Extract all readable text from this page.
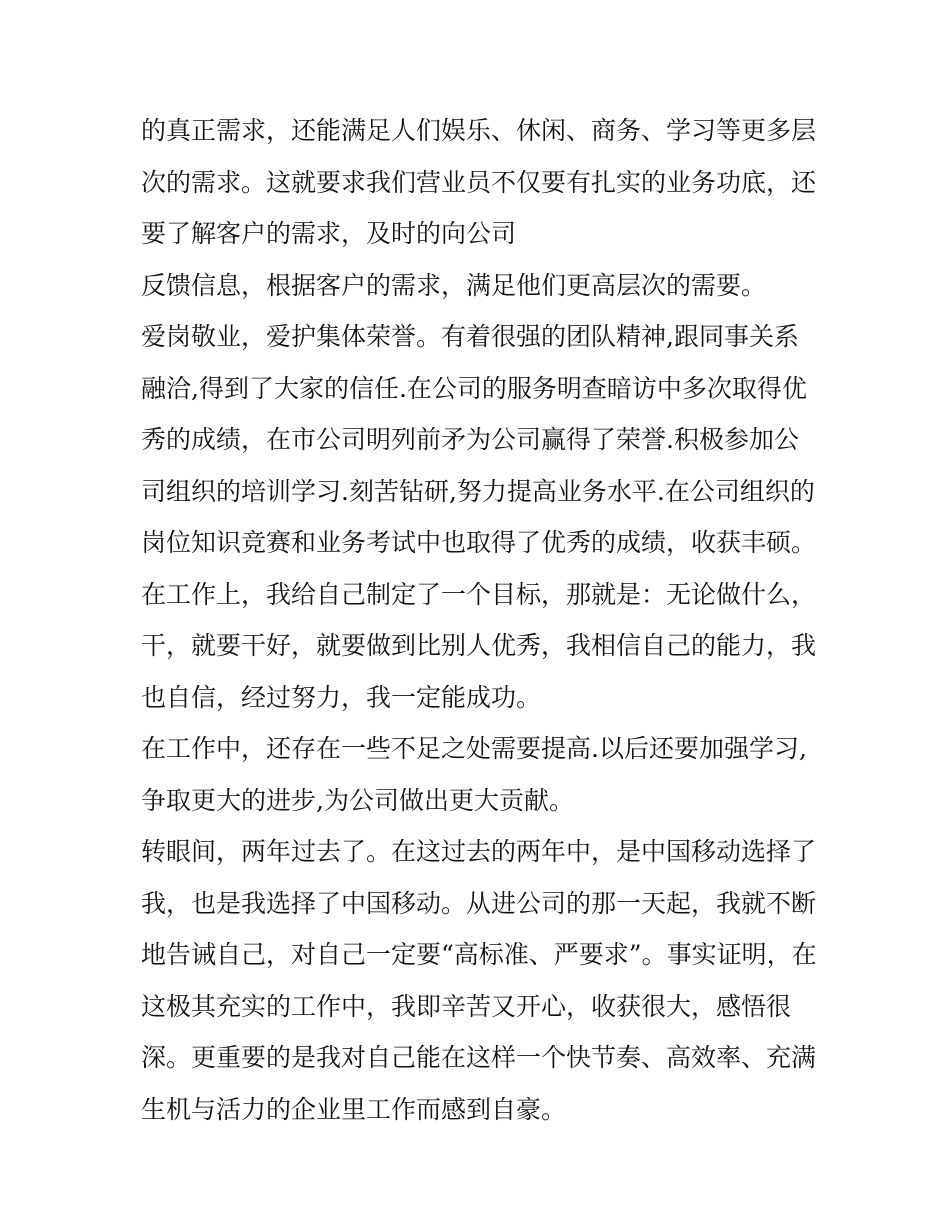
的真正需求，还能满足人们娱乐、休闲、商务、学习等更多层
次的需求。这就要求我们营业员不仅要有扎实的业务功底，还
要了解客户的需求，及时的向公司
反馈信息，根据客户的需求，满足他们更高层次的需要。
爱岗敬业，爱护集体荣誉。有着很强的团队精神,跟同事关系
融洽,得到了大家的信任.在公司的服务明查暗访中多次取得优
秀的成绩，在市公司明列前矛为公司赢得了荣誉.积极参加公
司组织的培训学习.刻苦钻研,努力提高业务水平.在公司组织的
岗位知识竞赛和业务考试中也取得了优秀的成绩，收获丰硕。
在工作上，我给自己制定了一个目标，那就是：无论做什么，
干，就要干好，就要做到比别人优秀，我相信自己的能力，我
也自信，经过努力，我一定能成功。
在工作中，还存在一些不足之处需要提高.以后还要加强学习,
争取更大的进步,为公司做出更大贡献。
转眼间，两年过去了。在这过去的两年中，是中国移动选择了
我，也是我选择了中国移动。从进公司的那一天起，我就不断
地告诫自己，对自己一定要“高标准、严要求”。事实证明，在
这极其充实的工作中，我即辛苦又开心，收获很大，感悟很
深。更重要的是我对自己能在这样一个快节奏、高效率、充满
生机与活力的企业里工作而感到自豪。
